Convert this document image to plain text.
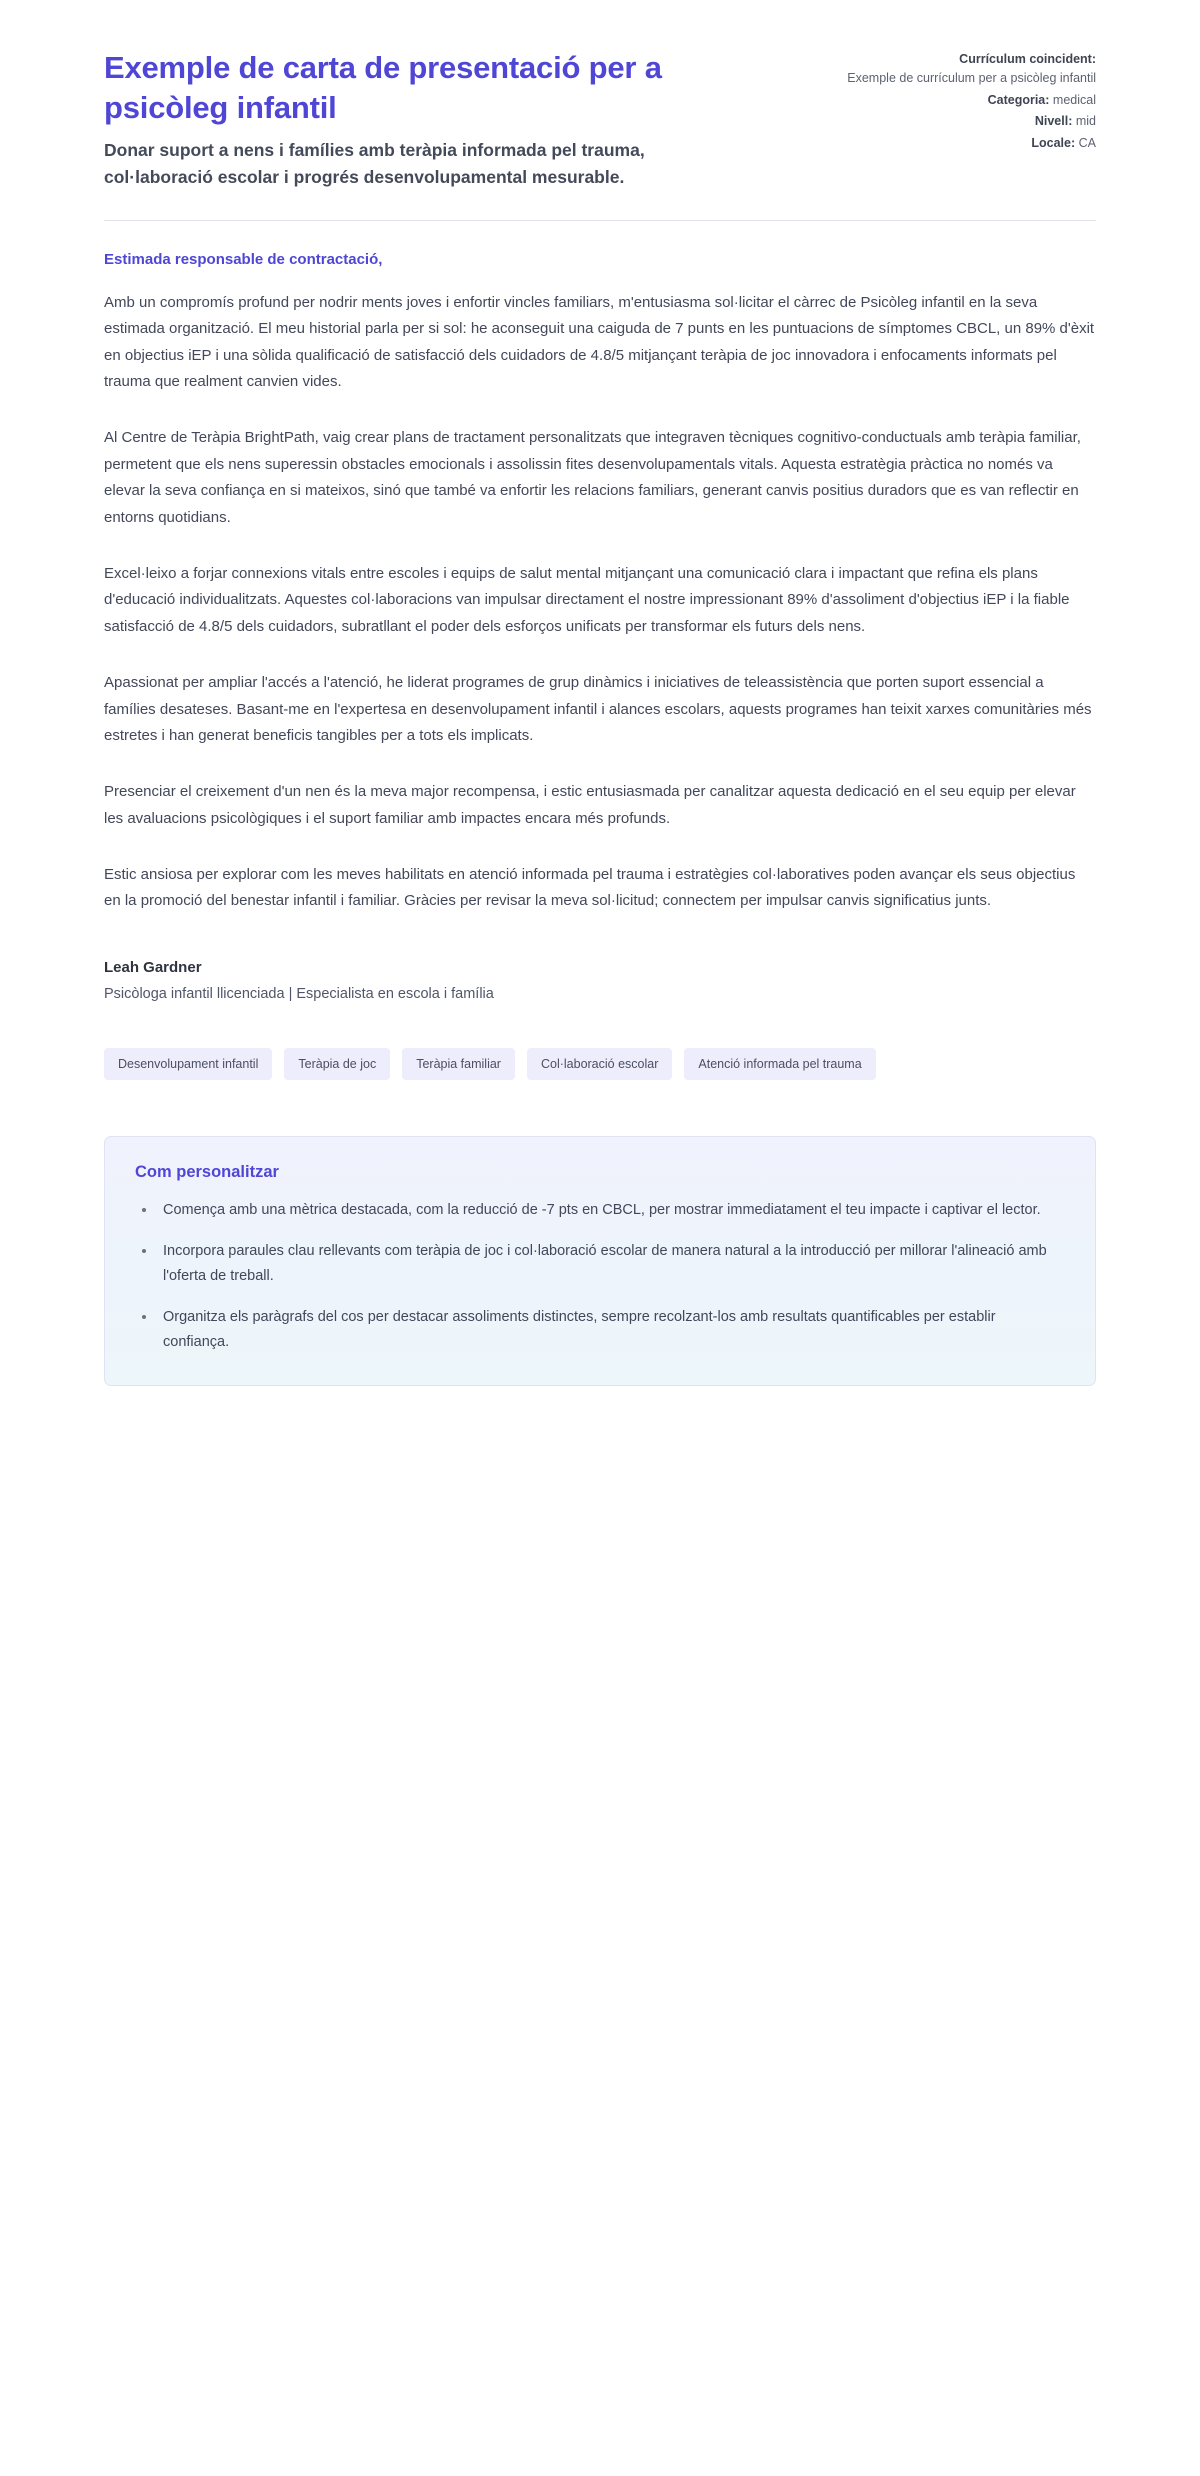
Exemple de carta de presentació per a psicòleg infantil

Donar suport a nens i famílies amb teràpia informada pel trauma, col·laboració escolar i progrés desenvolupamental mesurable.

Currículum coincident:
Exemple de currículum per a psicòleg infantil
Categoria: medical
Nivell: mid
Locale: CA

Estimada responsable de contractació,

Amb un compromís profund per nodrir ments joves i enfortir vincles familiars, m'entusiasma sol·licitar el càrrec de Psicòleg infantil en la seva estimada organització. El meu historial parla per si sol: he aconseguit una caiguda de 7 punts en les puntuacions de símptomes CBCL, un 89% d'èxit en objectius iEP i una sòlida qualificació de satisfacció dels cuidadors de 4.8/5 mitjançant teràpia de joc innovadora i enfocaments informats pel trauma que realment canvien vides.

Al Centre de Teràpia BrightPath, vaig crear plans de tractament personalitzats que integraven tècniques cognitivo-conductuals amb teràpia familiar, permetent que els nens superessin obstacles emocionals i assolissin fites desenvolupamentals vitals. Aquesta estratègia pràctica no només va elevar la seva confiança en si mateixos, sinó que també va enfortir les relacions familiars, generant canvis positius duradors que es van reflectir en entorns quotidians.

Excel·leixo a forjar connexions vitals entre escoles i equips de salut mental mitjançant una comunicació clara i impactant que refina els plans d'educació individualitzats. Aquestes col·laboracions van impulsar directament el nostre impressionant 89% d'assoliment d'objectius iEP i la fiable satisfacció de 4.8/5 dels cuidadors, subratllant el poder dels esforços unificats per transformar els futurs dels nens.

Apassionat per ampliar l'accés a l'atenció, he liderat programes de grup dinàmics i iniciatives de teleassistència que porten suport essencial a famílies desateses. Basant-me en l'expertesa en desenvolupament infantil i alances escolars, aquests programes han teixit xarxes comunitàries més estretes i han generat beneficis tangibles per a tots els implicats.

Presenciar el creixement d'un nen és la meva major recompensa, i estic entusiasmada per canalitzar aquesta dedicació en el seu equip per elevar les avaluacions psicològiques i el suport familiar amb impactes encara més profunds.

Estic ansiosa per explorar com les meves habilitats en atenció informada pel trauma i estratègies col·laboratives poden avançar els seus objectius en la promoció del benestar infantil i familiar. Gràcies per revisar la meva sol·licitud; connectem per impulsar canvis significatius junts.

Leah Gardner

Psicòloga infantil llicenciada | Especialista en escola i família

Desenvolupament infantil	Teràpia de joc	Teràpia familiar	Col·laboració escolar	Atenció informada pel trauma
Com personalitzar
• Comença amb una mètrica destacada, com la reducció de -7 pts en CBCL, per mostrar immediatament el teu impacte i captivar el lector.
• Incorpora paraules clau rellevants com teràpia de joc i col·laboració escolar de manera natural a la introducció per millorar l'alineació amb l'oferta de treball.
• Organitza els paràgrafs del cos per destacar assoliments distinctes, sempre recolzant-los amb resultats quantificables per establir confiança.
